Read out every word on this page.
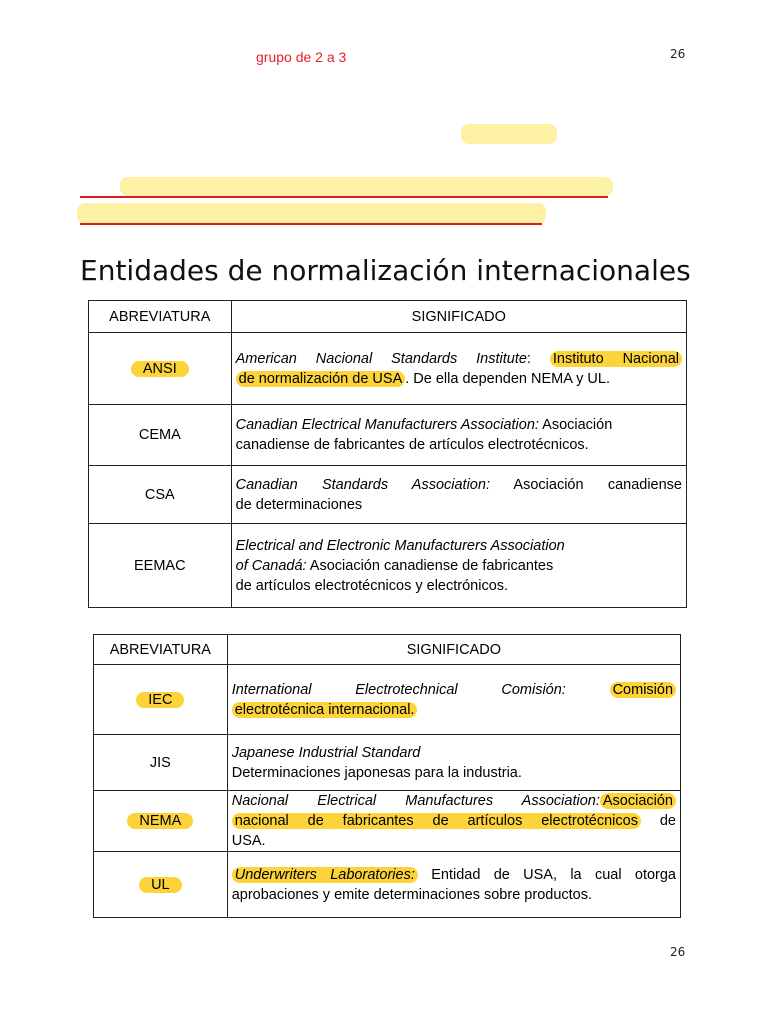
grupo de 2 a 3	26
Entidades de normalización internacionales
ABREVIATURA	SIGNIFICADO
ANSI	American Nacional Standards Institute: Instituto Nacional
de normalización de USA . De ella dependen NEMA y UL.

CEMA	Canadian Electrical Manufacturers Association: Asociación
canadiense de fabricantes de artículos electrotécnicos.

CSA	Canadian Standards Association: Asociación canadiense
de determinaciones

EEMAC	Electrical and Electronic Manufacturers Association
of Canadá: Asociación canadiense de fabricantes
de artículos electrotécnicos y electrónicos.
ABREVIATURA	SIGNIFICADO
IEC	International Electrotechnical Comisión: Comisión
electrotécnica internacional.

JIS	Japanese Industrial Standard
Determinaciones japonesas para la industria.

NEMA	Nacional Electrical Manufactures Association: Asociación
nacional de fabricantes de artículos electrotécnicos de
USA.

UL	Underwriters Laboratories: Entidad de USA, la cual otorga
aprobaciones y emite determinaciones sobre productos.
26
